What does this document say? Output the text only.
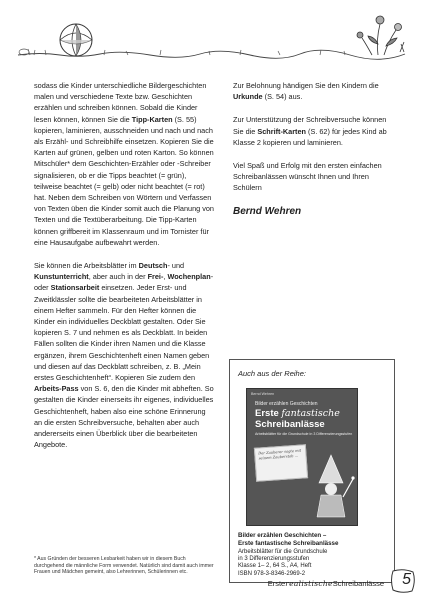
sodass die Kinder unterschiedliche Bildergeschichten malen und verschiedene Texte bzw. Geschichten erzählen und schreiben können. Sobald die Kinder lesen können, können Sie die Tipp-Karten (S. 55) kopieren, laminieren, ausschneiden und nach und nach als Erzähl- und Schreibhilfe einsetzen. Kopieren Sie die Karten auf grünen, gelben und roten Karton. So können Mitschüler* dem Geschichten-Erzähler oder -Schreiber signalisieren, ob er die Tipps beachtet (= grün), teilweise beachtet (= gelb) oder nicht beachtet (= rot) hat. Neben dem Schreiben von Wörtern und Verfassen von Texten üben die Kinder somit auch die Planung von Texten und die Textüberarbeitung. Die Tipp-Karten können griffbereit im Klassenraum und im Tornister für eine Hausaufgabe aufbewahrt werden.

Sie können die Arbeitsblätter im Deutsch- und Kunstunterricht, aber auch in der Frei-, Wochenplan- oder Stationsarbeit einsetzen. Jeder Erst- und Zweitklässler sollte die bearbeiteten Arbeitsblätter in einem Hefter sammeln. Für den Hefter können die Kinder ein individuelles Deckblatt gestalten. Oder Sie kopieren S. 7 und nehmen es als Deckblatt. In beiden Fällen sollten die Kinder ihren Namen und die Klasse ergänzen, ihrem Geschichtenheft einen Namen geben und diesen auf das Deckblatt schreiben, z. B. „Mein erstes Geschichtenheft“. Kopieren Sie zudem den Arbeits-Pass von S. 6, den die Kinder mit abheften. So gestalten die Kinder einerseits ihr eigenes, individuelles Geschichtenheft, haben also eine schöne Erinnerung an die ersten Schreibversuche, behalten aber auch andererseits einen Überblick über die bearbeiteten Angebote.

* Aus Gründen der besseren Lesbarkeit haben wir in diesem Buch durchgehend die männliche Form verwendet. Natürlich sind damit auch immer Frauen und Mädchen gemeint, also Lehrerinnen, Schülerinnen etc.

Zur Belohnung händigen Sie den Kindern die Urkunde (S. 54) aus.

Zur Unterstützung der Schreibversuche können Sie die Schrift-Karten (S. 62) für jedes Kind ab Klasse 2 kopieren und laminieren.

Viel Spaß und Erfolg mit den ersten einfachen Schreibanlässen wünscht Ihnen und Ihren Schülern

Bernd Wehren
Auch aus der Reihe:
Bernd Wehren
Bilder erzählen Geschichten
Erste fantastische Schreibanlässe
Arbeitsblätter für die Grundschule in 3 Differenzierungsstufen
Der Zauberer sagte mit seinem Zauberstab ...
Bilder erzählen Geschichten –
Erste fantastische Schreibanlässe
Arbeitsblätter für die Grundschule
in 3 Differenzierungsstufen
Klasse 1– 2, 64 S., A4, Heft
ISBN 978-3-8346-2969-2
Erste realistische Schreibanlässe 5
